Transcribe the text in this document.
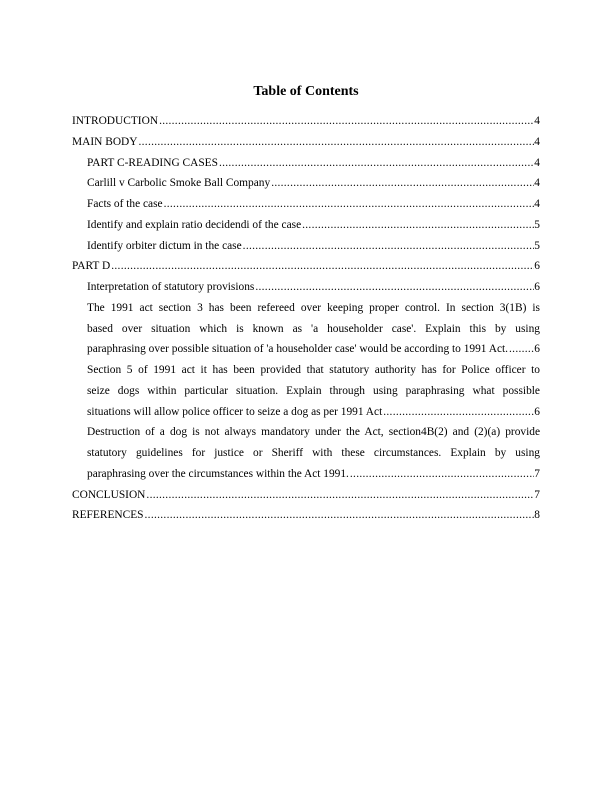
Table of Contents
INTRODUCTION .....	4
MAIN BODY .....	4
PART C-READING CASES .....	4
Carlill v Carbolic Smoke Ball Company .....	4
Facts of the case .....	4
Identify and explain ratio decidendi of the case .....	5
Identify orbiter dictum in the case .....	5
PART D .....	6
Interpretation of statutory provisions .....	6
The 1991 act section 3 has been refereed over keeping proper control. In section 3(1B) is
based over situation which is known as 'a householder case'. Explain this by using
paraphrasing over possible situation of 'a householder case' would be according to 1991 Act. ..... 6
Section 5 of 1991 act it has been provided that statutory authority has for Police officer to
seize dogs within particular situation. Explain through using paraphrasing what possible
situations will allow police officer to seize a dog as per 1991 Act .....	6
Destruction of a dog is not always mandatory under the Act, section4B(2) and (2)(a) provide
statutory guidelines for justice or Sheriff with these circumstances. Explain by using
paraphrasing over the circumstances within the Act 1991. .....	7
CONCLUSION .....	7
REFERENCES .....	8
